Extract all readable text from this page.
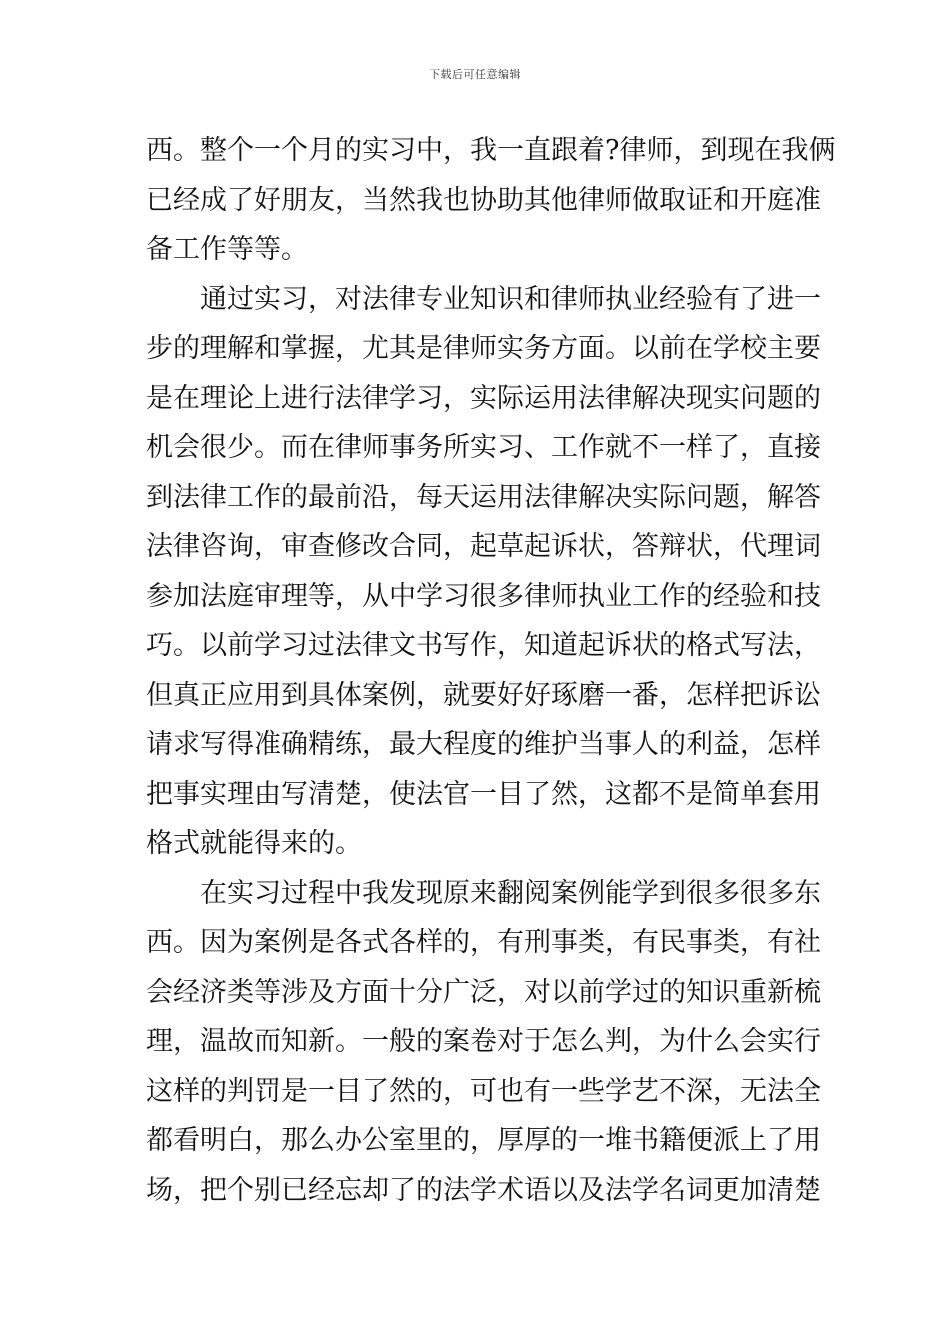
下载后可任意编辑
西。整个一个月的实习中，我一直跟着?律师，到现在我俩
已经成了好朋友，当然我也协助其他律师做取证和开庭准
备工作等等。
通过实习，对法律专业知识和律师执业经验有了进一
步的理解和掌握，尤其是律师实务方面。以前在学校主要
是在理论上进行法律学习，实际运用法律解决现实问题的
机会很少。而在律师事务所实习、工作就不一样了，直接
到法律工作的最前沿，每天运用法律解决实际问题，解答
法律咨询，审查修改合同，起草起诉状，答辩状，代理词
参加法庭审理等，从中学习很多律师执业工作的经验和技
巧。以前学习过法律文书写作，知道起诉状的格式写法，
但真正应用到具体案例，就要好好琢磨一番，怎样把诉讼
请求写得准确精练，最大程度的维护当事人的利益，怎样
把事实理由写清楚，使法官一目了然，这都不是简单套用
格式就能得来的。
在实习过程中我发现原来翻阅案例能学到很多很多东
西。因为案例是各式各样的，有刑事类，有民事类，有社
会经济类等涉及方面十分广泛，对以前学过的知识重新梳
理，温故而知新。一般的案卷对于怎么判，为什么会实行
这样的判罚是一目了然的，可也有一些学艺不深，无法全
都看明白，那么办公室里的，厚厚的一堆书籍便派上了用
场，把个别已经忘却了的法学术语以及法学名词更加清楚
